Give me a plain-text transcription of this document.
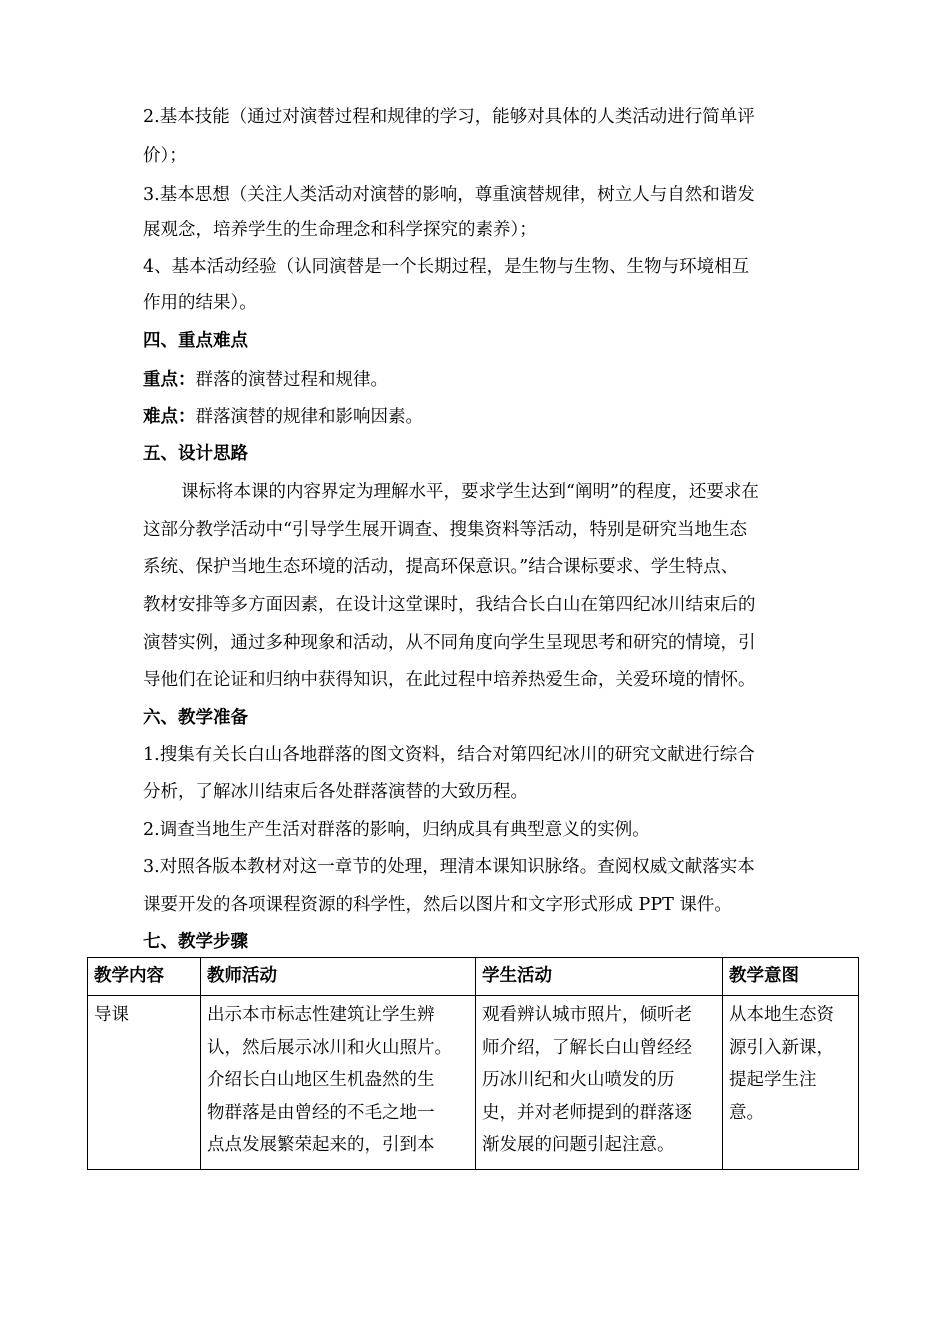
2.基本技能（通过对演替过程和规律的学习，能够对具体的人类活动进行简单评
价）；
3.基本思想（关注人类活动对演替的影响，尊重演替规律，树立人与自然和谐发
展观念，培养学生的生命理念和科学探究的素养）；
4、基本活动经验（认同演替是一个长期过程，是生物与生物、生物与环境相互
作用的结果）。
四、重点难点
重点：群落的演替过程和规律。
难点：群落演替的规律和影响因素。
五、设计思路
课标将本课的内容界定为理解水平，要求学生达到“阐明”的程度，还要求在
这部分教学活动中“引导学生展开调查、搜集资料等活动，特别是研究当地生态
系统、保护当地生态环境的活动，提高环保意识。”结合课标要求、学生特点、
教材安排等多方面因素，在设计这堂课时，我结合长白山在第四纪冰川结束后的
演替实例，通过多种现象和活动，从不同角度向学生呈现思考和研究的情境，引
导他们在论证和归纳中获得知识，在此过程中培养热爱生命，关爱环境的情怀。
六、教学准备
1.搜集有关长白山各地群落的图文资料，结合对第四纪冰川的研究文献进行综合
分析，了解冰川结束后各处群落演替的大致历程。
2.调查当地生产生活对群落的影响，归纳成具有典型意义的实例。
3.对照各版本教材对这一章节的处理，理清本课知识脉络。查阅权威文献落实本
课要开发的各项课程资源的科学性，然后以图片和文字形式形成 PPT 课件。
七、教学步骤
教学内容	教师活动	学生活动	教学意图

导课	出示本市标志性建筑让学生辨
认，然后展示冰川和火山照片。
介绍长白山地区生机盎然的生
物群落是由曾经的不毛之地一
点点发展繁荣起来的，引到本	观看辨认城市照片，倾听老
师介绍，了解长白山曾经经
历冰川纪和火山喷发的历
史，并对老师提到的群落逐
渐发展的问题引起注意。	从本地生态资
源引入新课，
提起学生注
意。
